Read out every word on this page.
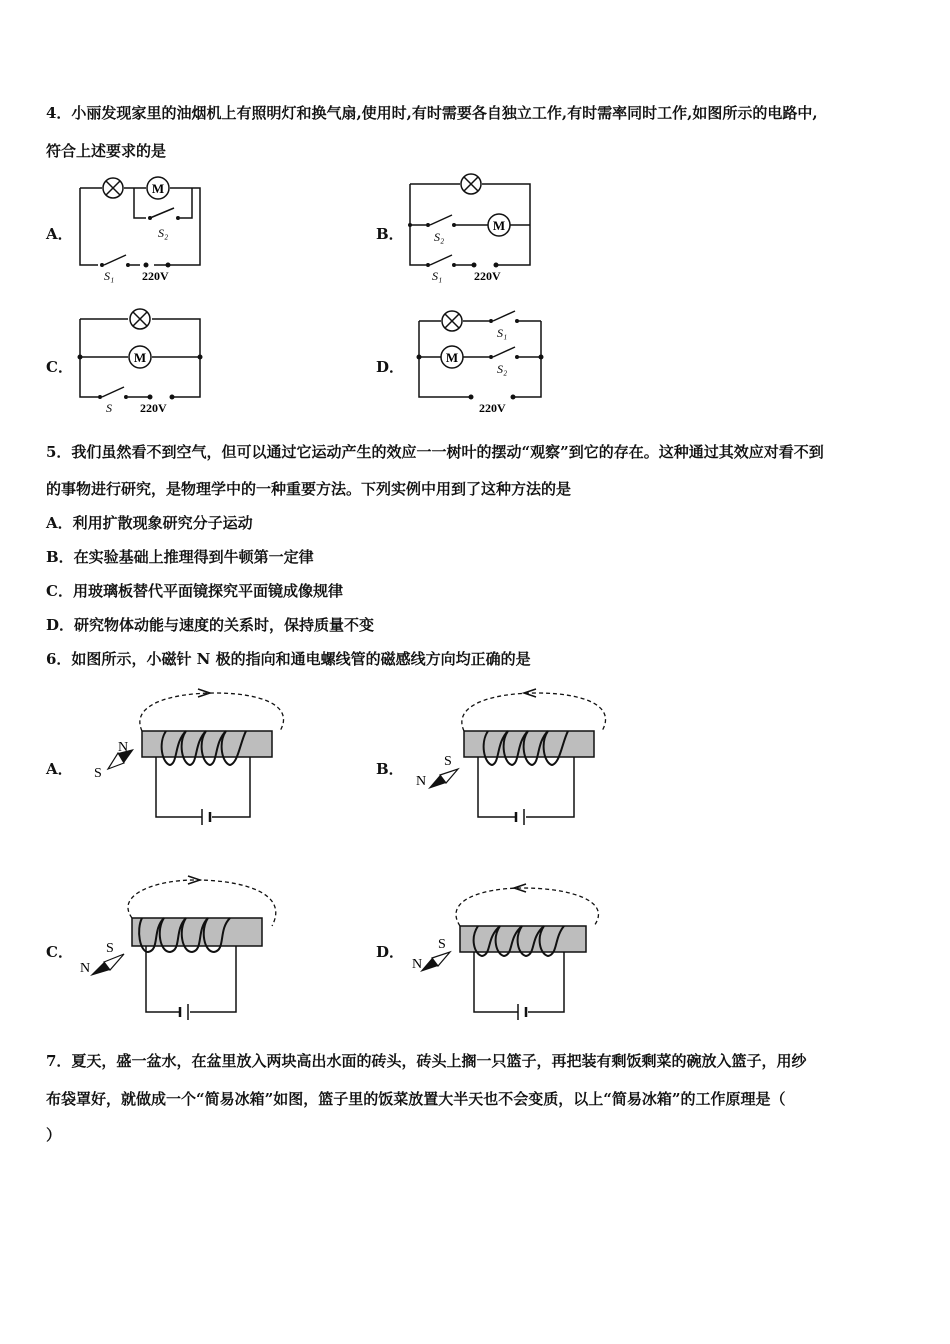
4．小丽发现家里的油烟机上有照明灯和换气扇,使用时,有时需要各自独立工作,有时需率同时工作,如图所示的电路中,
符合上述要求的是
A．	B．
C．	D．
M
S₂
S₁ 220V
M
S₂
S₁	220V
M
S 220V
M
S₁
S₂
220V
5．我们虽然看不到空气，但可以通过它运动产生的效应一一树叶的摆动“观察”到它的存在。这种通过其效应对看不到
的事物进行研究，是物理学中的一种重要方法。下列实例中用到了这种方法的是
A．利用扩散现象研究分子运动
B．在实验基础上推理得到牛顿第一定律
C．用玻璃板替代平面镜探究平面镜成像规律
D．研究物体动能与速度的关系时，保持质量不变
6．如图所示，小磁针 N 极的指向和通电螺线管的磁感线方向均正确的是
A．	B．
C．	D．
N
S
S
N
S
N
S
N
7．夏天，盛一盆水，在盆里放入两块高出水面的砖头，砖头上搁一只篮子，再把装有剩饭剩菜的碗放入篮子，用纱
布袋罩好，就做成一个“简易冰箱”如图，篮子里的饭菜放置大半天也不会变质，以上“简易冰箱”的工作原理是（
）
